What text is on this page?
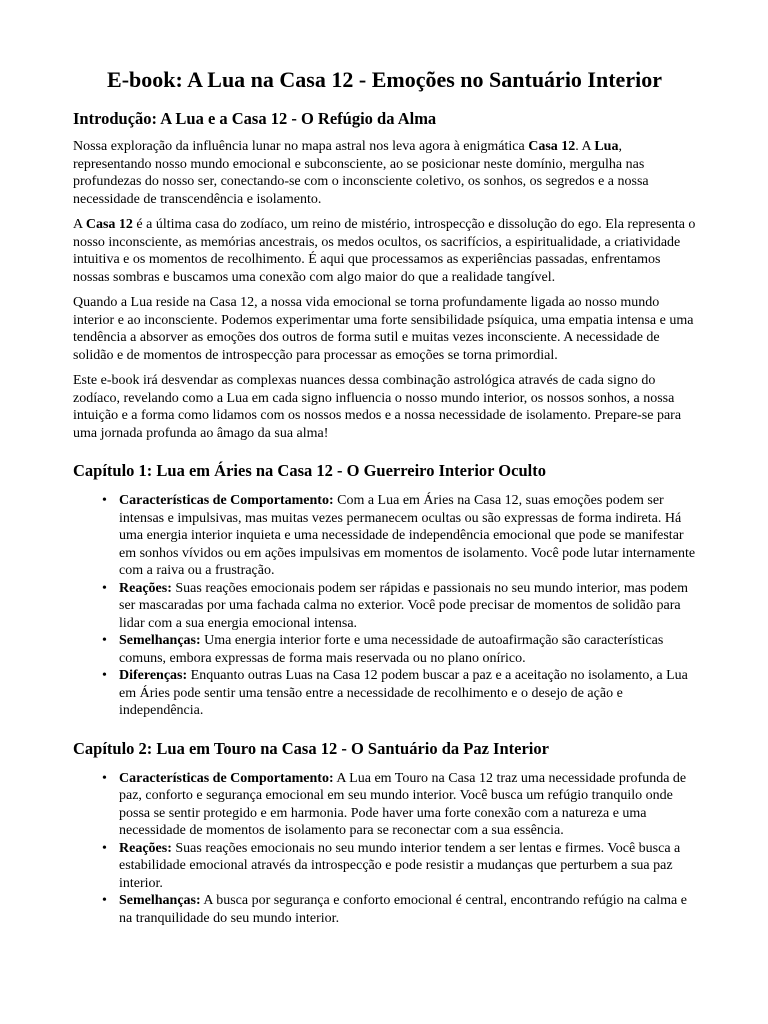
E-book: A Lua na Casa 12 - Emoções no Santuário Interior
Introdução: A Lua e a Casa 12 - O Refúgio da Alma

Nossa exploração da influência lunar no mapa astral nos leva agora à enigmática Casa 12. A Lua, representando nosso mundo emocional e subconsciente, ao se posicionar neste domínio, mergulha nas profundezas do nosso ser, conectando-se com o inconsciente coletivo, os sonhos, os segredos e a nossa necessidade de transcendência e isolamento.

A Casa 12 é a última casa do zodíaco, um reino de mistério, introspecção e dissolução do ego. Ela representa o nosso inconsciente, as memórias ancestrais, os medos ocultos, os sacrifícios, a espiritualidade, a criatividade intuitiva e os momentos de recolhimento. É aqui que processamos as experiências passadas, enfrentamos nossas sombras e buscamos uma conexão com algo maior do que a realidade tangível.

Quando a Lua reside na Casa 12, a nossa vida emocional se torna profundamente ligada ao nosso mundo interior e ao inconsciente. Podemos experimentar uma forte sensibilidade psíquica, uma empatia intensa e uma tendência a absorver as emoções dos outros de forma sutil e muitas vezes inconsciente. A necessidade de solidão e de momentos de introspecção para processar as emoções se torna primordial.

Este e-book irá desvendar as complexas nuances dessa combinação astrológica através de cada signo do zodíaco, revelando como a Lua em cada signo influencia o nosso mundo interior, os nossos sonhos, a nossa intuição e a forma como lidamos com os nossos medos e a nossa necessidade de isolamento. Prepare-se para uma jornada profunda ao âmago da sua alma!

Capítulo 1: Lua em Áries na Casa 12 - O Guerreiro Interior Oculto
• Características de Comportamento: Com a Lua em Áries na Casa 12, suas emoções podem ser intensas e impulsivas, mas muitas vezes permanecem ocultas ou são expressas de forma indireta. Há uma energia interior inquieta e uma necessidade de independência emocional que pode se manifestar em sonhos vívidos ou em ações impulsivas em momentos de isolamento. Você pode lutar internamente com a raiva ou a frustração.
• Reações: Suas reações emocionais podem ser rápidas e passionais no seu mundo interior, mas podem ser mascaradas por uma fachada calma no exterior. Você pode precisar de momentos de solidão para lidar com a sua energia emocional intensa.
• Semelhanças: Uma energia interior forte e uma necessidade de autoafirmação são características comuns, embora expressas de forma mais reservada ou no plano onírico.
• Diferenças: Enquanto outras Luas na Casa 12 podem buscar a paz e a aceitação no isolamento, a Lua em Áries pode sentir uma tensão entre a necessidade de recolhimento e o desejo de ação e independência.
Capítulo 2: Lua em Touro na Casa 12 - O Santuário da Paz Interior
• Características de Comportamento: A Lua em Touro na Casa 12 traz uma necessidade profunda de paz, conforto e segurança emocional em seu mundo interior. Você busca um refúgio tranquilo onde possa se sentir protegido e em harmonia. Pode haver uma forte conexão com a natureza e uma necessidade de momentos de isolamento para se reconectar com a sua essência.
• Reações: Suas reações emocionais no seu mundo interior tendem a ser lentas e firmes. Você busca a estabilidade emocional através da introspecção e pode resistir a mudanças que perturbem a sua paz interior.
• Semelhanças: A busca por segurança e conforto emocional é central, encontrando refúgio na calma e na tranquilidade do seu mundo interior.
